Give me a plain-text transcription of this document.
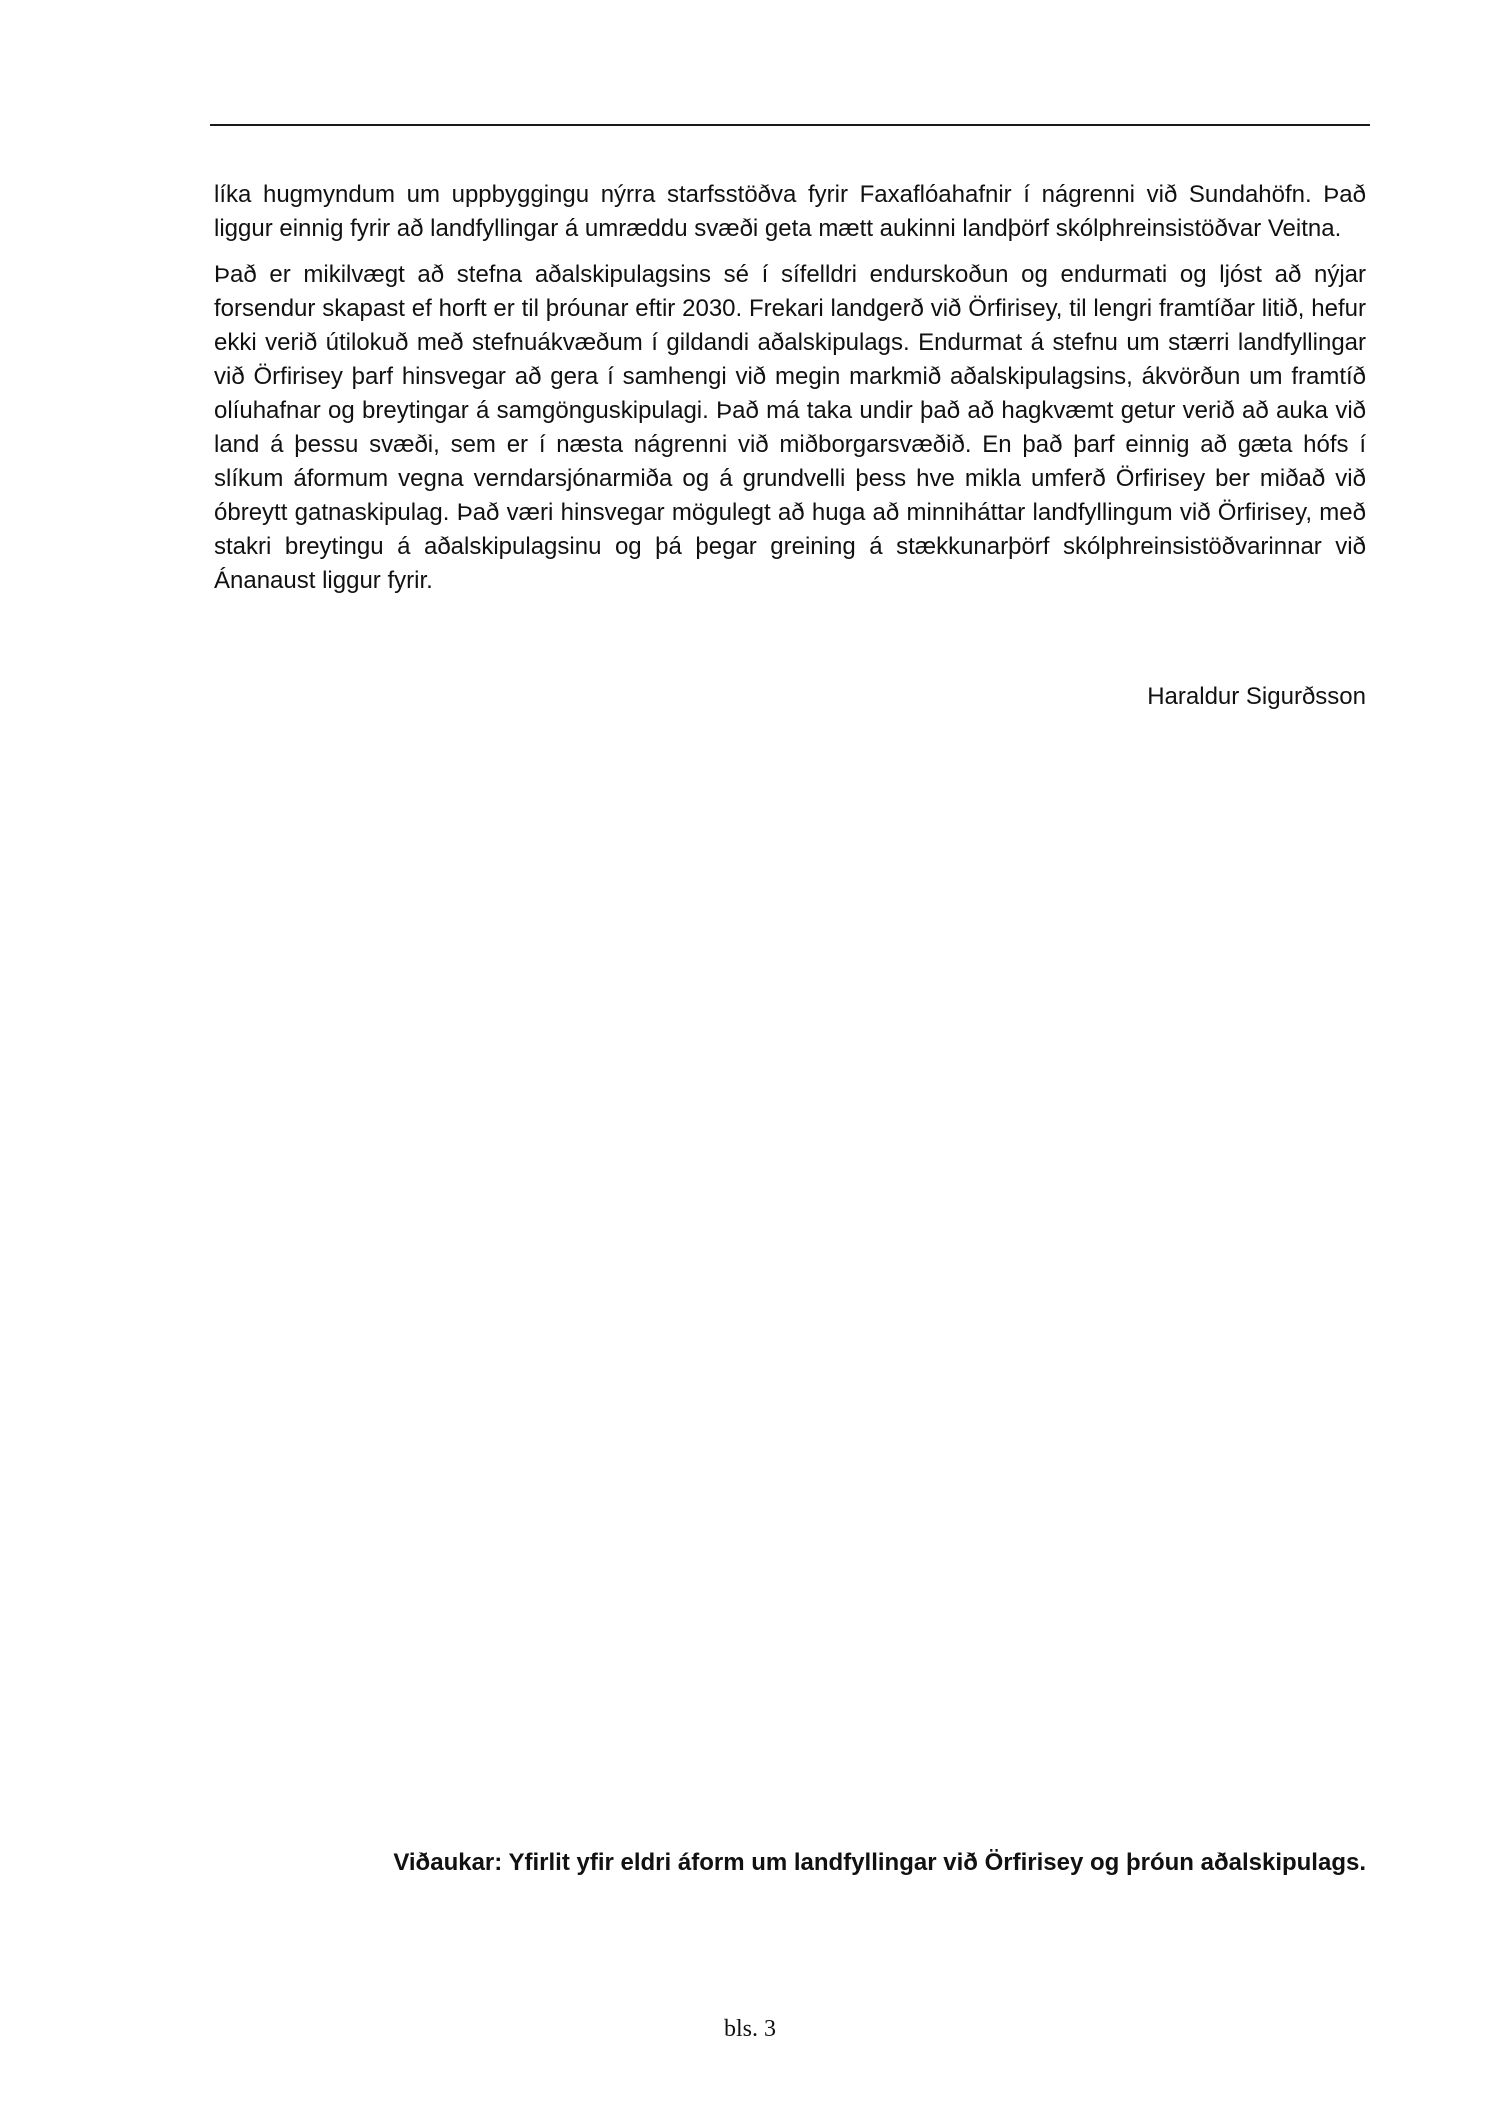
líka hugmyndum um uppbyggingu nýrra starfsstöðva fyrir Faxaflóahafnir í nágrenni við Sundahöfn. Það liggur einnig fyrir að landfyllingar á umræddu svæði geta mætt aukinni landþörf skólphreinsistöðvar Veitna.

Það er mikilvægt að stefna aðalskipulagsins sé í sífelldri endurskoðun og endurmati og ljóst að nýjar forsendur skapast ef horft er til þróunar eftir 2030. Frekari landgerð við Örfirisey, til lengri framtíðar litið, hefur ekki verið útilokuð með stefnuákvæðum í gildandi aðalskipulags. Endurmat á stefnu um stærri landfyllingar við Örfirisey þarf hinsvegar að gera í samhengi við megin markmið aðalskipulagsins, ákvörðun um framtíð olíuhafnar og breytingar á samgönguskipulagi. Það má taka undir það að hagkvæmt getur verið að auka við land á þessu svæði, sem er í næsta nágrenni við miðborgarsvæðið. En það þarf einnig að gæta hófs í slíkum áformum vegna verndarsjónarmiða og á grundvelli þess hve mikla umferð Örfirisey ber miðað við óbreytt gatnaskipulag. Það væri hinsvegar mögulegt að huga að minniháttar landfyllingum við Örfirisey, með stakri breytingu á aðalskipulagsinu og þá þegar greining á stækkunarþörf skólphreinsistöðvarinnar við Ánanaust liggur fyrir.

Haraldur Sigurðsson
Viðaukar: Yfirlit yfir eldri áform um landfyllingar við Örfirisey og þróun aðalskipulags.
bls. 3
